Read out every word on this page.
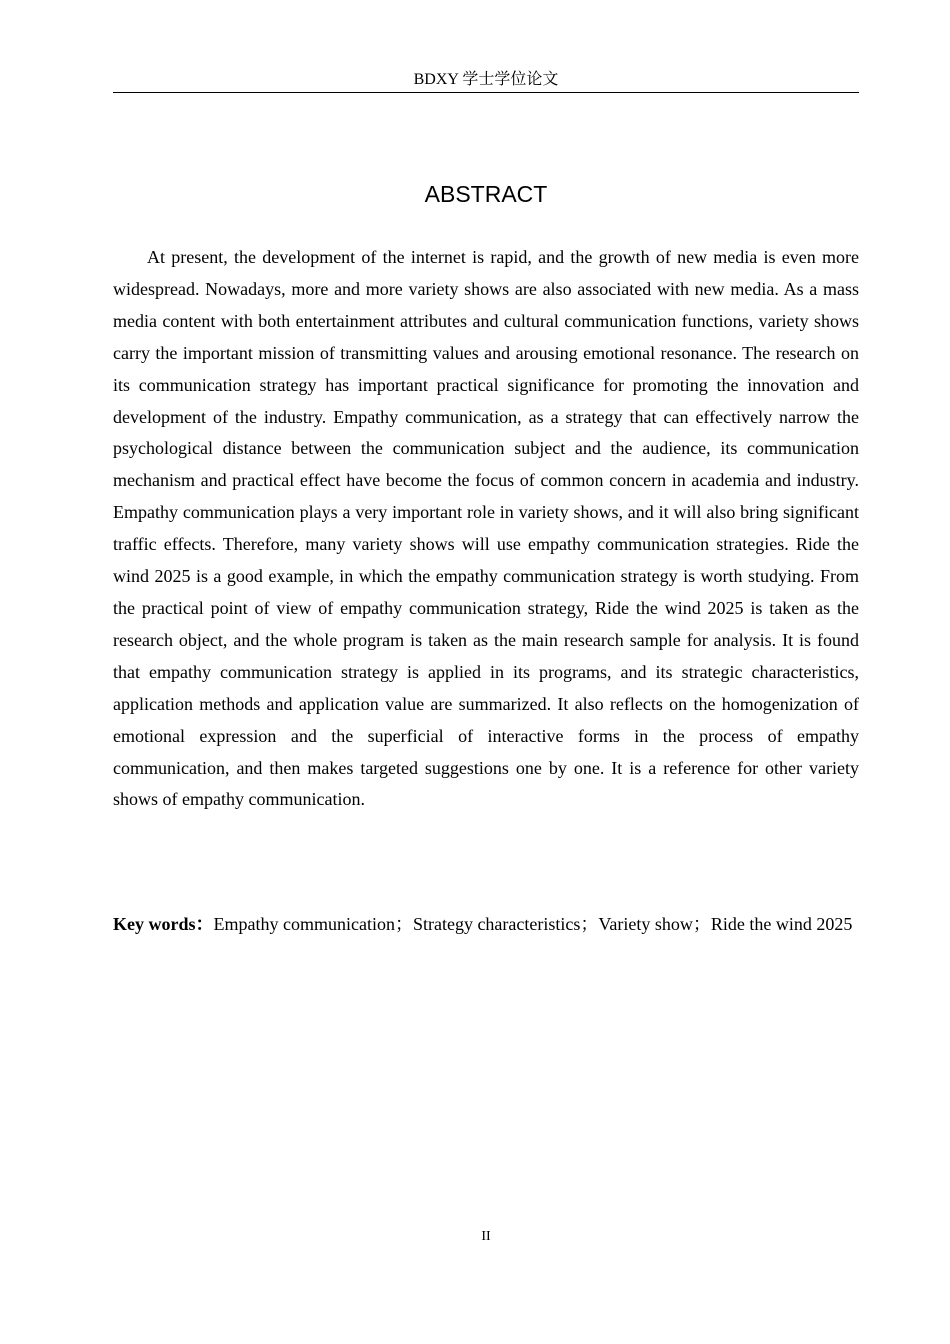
BDXY 学士学位论文
ABSTRACT

At present, the development of the internet is rapid, and the growth of new media is even more widespread. Nowadays, more and more variety shows are also associated with new media. As a mass media content with both entertainment attributes and cultural communication functions, variety shows carry the important mission of transmitting values and arousing emotional resonance. The research on its communication strategy has important practical significance for promoting the innovation and development of the industry. Empathy communication, as a strategy that can effectively narrow the psychological distance between the communication subject and the audience, its communication mechanism and practical effect have become the focus of common concern in academia and industry. Empathy communication plays a very important role in variety shows, and it will also bring significant traffic effects. Therefore, many variety shows will use empathy communication strategies. Ride the wind 2025 is a good example, in which the empathy communication strategy is worth studying. From the practical point of view of empathy communication strategy, Ride the wind 2025 is taken as the research object, and the whole program is taken as the main research sample for analysis. It is found that empathy communication strategy is applied in its programs, and its strategic characteristics, application methods and application value are summarized. It also reflects on the homogenization of emotional expression and the superficial of interactive forms in the process of empathy communication, and then makes targeted suggestions one by one. It is a reference for other variety shows of empathy communication.

Key words：Empathy communication；Strategy characteristics；Variety show；Ride the wind 2025

II
